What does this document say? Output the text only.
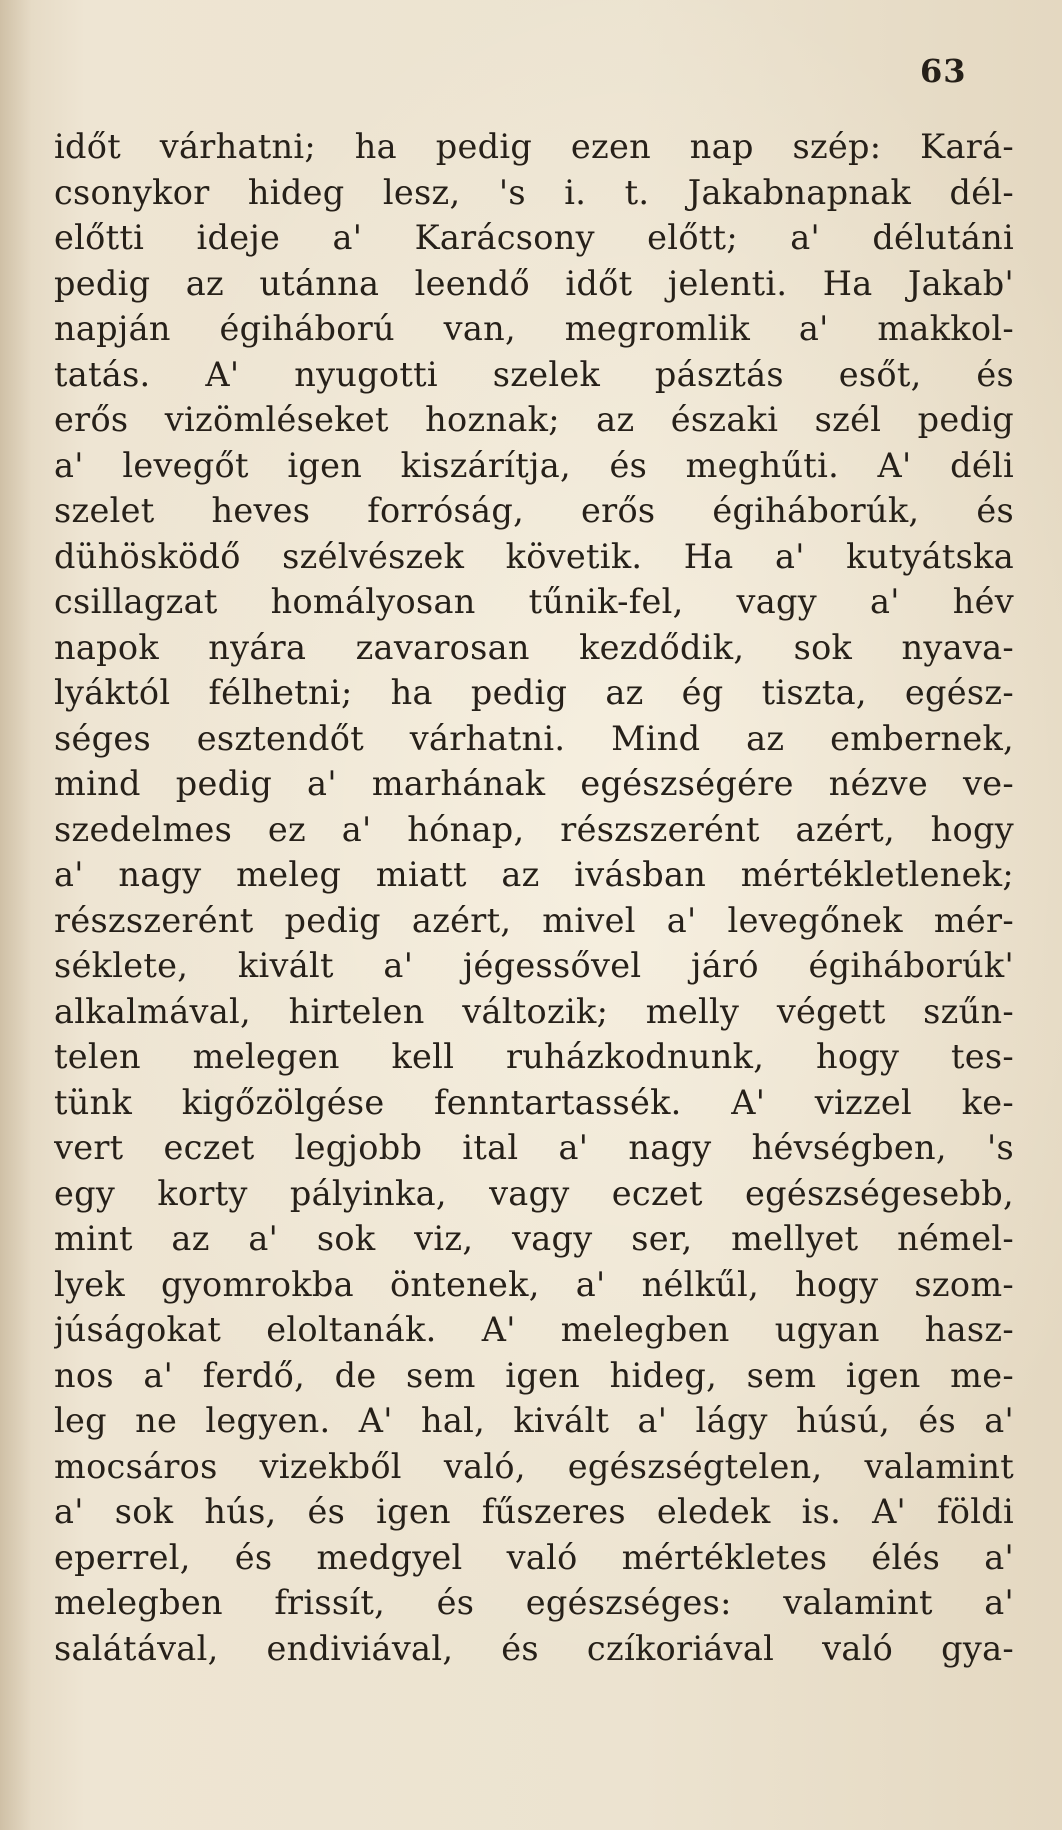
63
időt várhatni; ha pedig ezen nap szép: Kará-
csonykor hideg lesz, 's i. t. Jakabnapnak dél-
előtti ideje a' Karácsony előtt; a' délutáni
pedig az utánna leendő időt jelenti. Ha Jakab'
napján égiháború van, megromlik a' makkol-
tatás. A' nyugotti szelek pásztás esőt, és
erős vizömléseket hoznak; az északi szél pedig
a' levegőt igen kiszárítja, és meghűti. A' déli
szelet heves forróság, erős égiháborúk, és
dühösködő szélvészek követik. Ha a' kutyátska
csillagzat homályosan tűnik-fel, vagy a' hév
napok nyára zavarosan kezdődik, sok nyava-
lyáktól félhetni; ha pedig az ég tiszta, egész-
séges esztendőt várhatni. Mind az embernek,
mind pedig a' marhának egészségére nézve ve-
szedelmes ez a' hónap, részszerént azért, hogy
a' nagy meleg miatt az ivásban mértékletlenek;
részszerént pedig azért, mivel a' levegőnek mér-
séklete, kivált a' jégessővel járó égiháborúk'
alkalmával, hirtelen változik; melly végett szűn-
telen melegen kell ruházkodnunk, hogy tes-
tünk kigőzölgése fenntartassék. A' vizzel ke-
vert eczet legjobb ital a' nagy hévségben, 's
egy korty pályinka, vagy eczet egészségesebb,
mint az a' sok viz, vagy ser, mellyet némel-
lyek gyomrokba öntenek, a' nélkűl, hogy szom-
júságokat eloltanák. A' melegben ugyan hasz-
nos a' ferdő, de sem igen hideg, sem igen me-
leg ne legyen. A' hal, kivált a' lágy húsú, és a'
mocsáros vizekből való, egészségtelen, valamint
a' sok hús, és igen fűszeres eledek is. A' földi
eperrel, és medgyel való mértékletes élés a'
melegben frissít, és egészséges: valamint a'
salátával, endiviával, és czíkoriával való gya-
